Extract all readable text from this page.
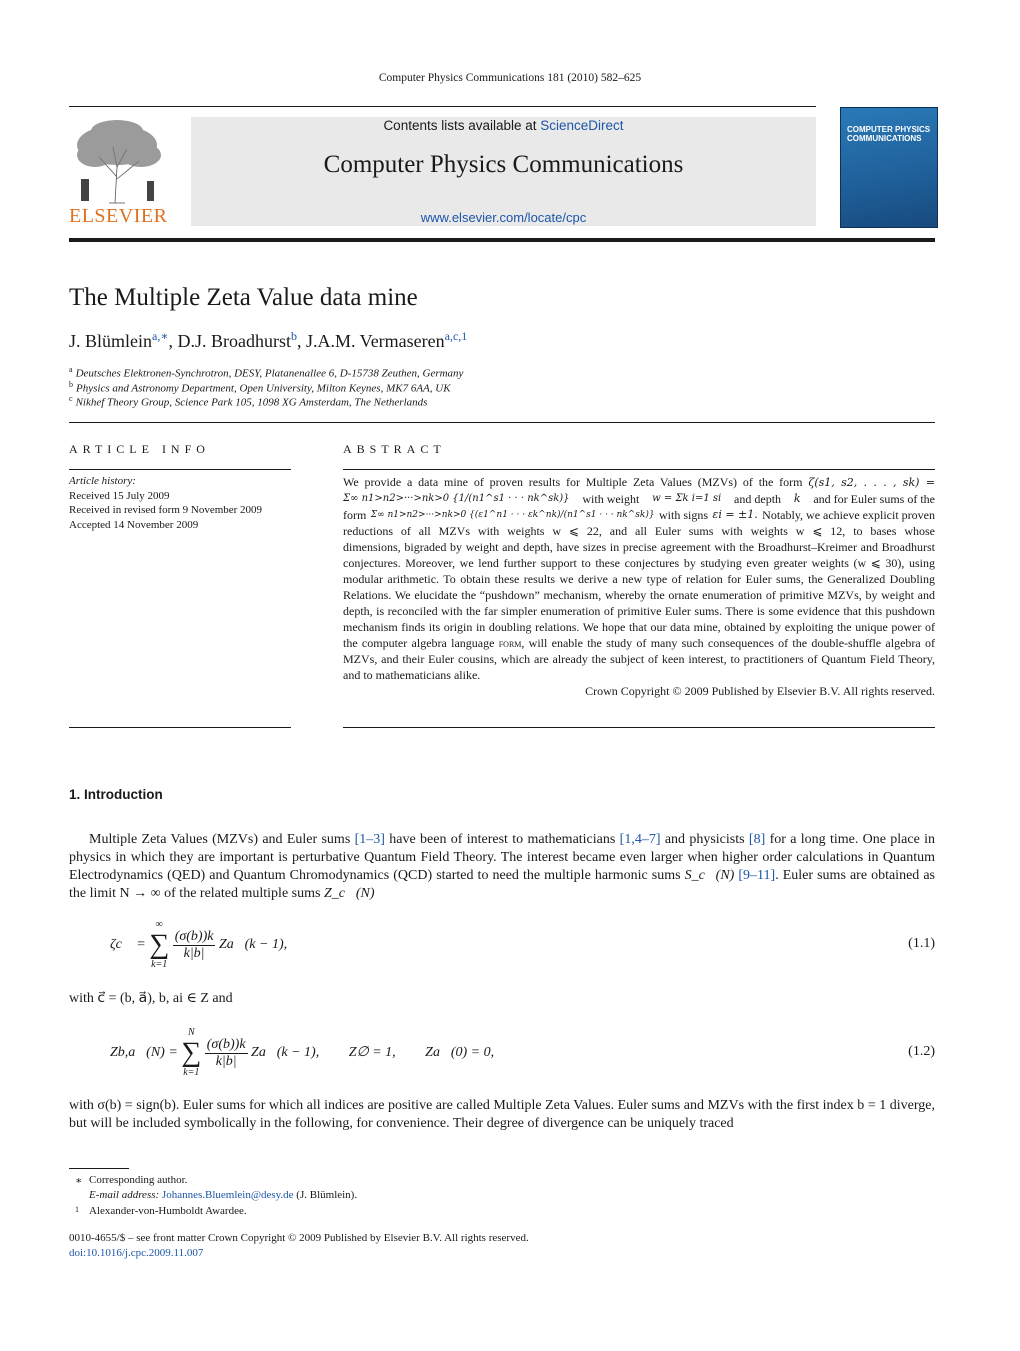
Computer Physics Communications 181 (2010) 582–625
ELSEVIER
Contents lists available at ScienceDirect
Computer Physics Communications
www.elsevier.com/locate/cpc
COMPUTER PHYSICS COMMUNICATIONS
The Multiple Zeta Value data mine
J. Blümlein$^{a,∗}$, D.J. Broadhurst$^b$, J.A.M. Vermaseren$^{a,c,1}$
$^a$ Deutsches Elektronen-Synchrotron, DESY, Platanenallee 6, D-15738 Zeuthen, Germany
$^b$ Physics and Astronomy Department, Open University, Milton Keynes, MK7 6AA, UK
$^c$ Nikhef Theory Group, Science Park 105, 1098 XG Amsterdam, The Netherlands
ARTICLE INFO
Article history:
Received 15 July 2009
Received in revised form 9 November 2009
Accepted 14 November 2009
ABSTRACT
We provide a data mine of proven results for Multiple Zeta Values (MZVs) of the form ζ(s1, s2, . . . , sk) =
Σ∞ n1>n2>···>nk>0 {1/(n1^s1 · · · nk^sk)} with weight w = Σk i=1 si and depth k and for Euler sums of the
form Σ∞ n1>n2>···>nk>0 {(ε1^n1 · · · εk^nk)/(n1^s1 · · · nk^sk)} with signs εi = ±1. Notably, we achieve explicit proven
reductions of all MZVs with weights w ⩽ 22, and all Euler sums with weights w ⩽ 12, to bases whose
dimensions, bigraded by weight and depth, have sizes in precise agreement with the Broadhurst–Kreimer and Broadhurst conjectures. Moreover, we lend further support to these conjectures by studying even greater weights (w ⩽ 30), using modular arithmetic. To obtain these results we derive a new type of relation for Euler sums, the Generalized Doubling Relations. We elucidate the “pushdown” mechanism, whereby the ornate enumeration of primitive MZVs, by weight and depth, is reconciled with the far simpler enumeration of primitive Euler sums. There is some evidence that this pushdown mechanism finds its origin in doubling relations. We hope that our data mine, obtained by exploiting the unique power of the computer algebra language form, will enable the study of many such consequences of the double-shuffle algebra of MZVs, and their Euler cousins, which are already the subject of keen interest, to practitioners of Quantum Field Theory, and to mathematicians alike.
Crown Copyright © 2009 Published by Elsevier B.V. All rights reserved.
1. Introduction
Multiple Zeta Values (MZVs) and Euler sums [1–3] have been of interest to mathematicians [1,4–7] and physicists [8] for a long time. One place in physics in which they are important is perturbative Quantum Field Theory. The interest became even larger when higher order calculations in Quantum Electrodynamics (QED) and Quantum Chromodynamics (QCD) started to need the multiple harmonic sums S_c⃗(N) [9–11]. Euler sums are obtained as the limit N → ∞ of the related multiple sums Z_c⃗(N)
ζc⃗ =
∞
∑
k=1

$\frac{(\sigma(b))k}{k|b|}$ Za⃗(k − 1),	(1.1)
with c⃗ = (b, a⃗), b, ai ∈ Z and
Zb,a⃗(N) =
N
∑
k=1

$\frac{(\sigma(b))k}{k|b|}$ Za⃗(k − 1), Z∅ = 1, Za⃗(0) = 0,	(1.2)
with σ(b) = sign(b). Euler sums for which all indices are positive are called Multiple Zeta Values. Euler sums and MZVs with the first index b = 1 diverge, but will be included symbolically in the following, for convenience. Their degree of divergence can be uniquely traced
∗ Corresponding author.
E-mail address: Johannes.Bluemlein@desy.de (J. Blümlein).
1 Alexander-von-Humboldt Awardee.
0010-4655/$ – see front matter Crown Copyright © 2009 Published by Elsevier B.V. All rights reserved.
doi:10.1016/j.cpc.2009.11.007
